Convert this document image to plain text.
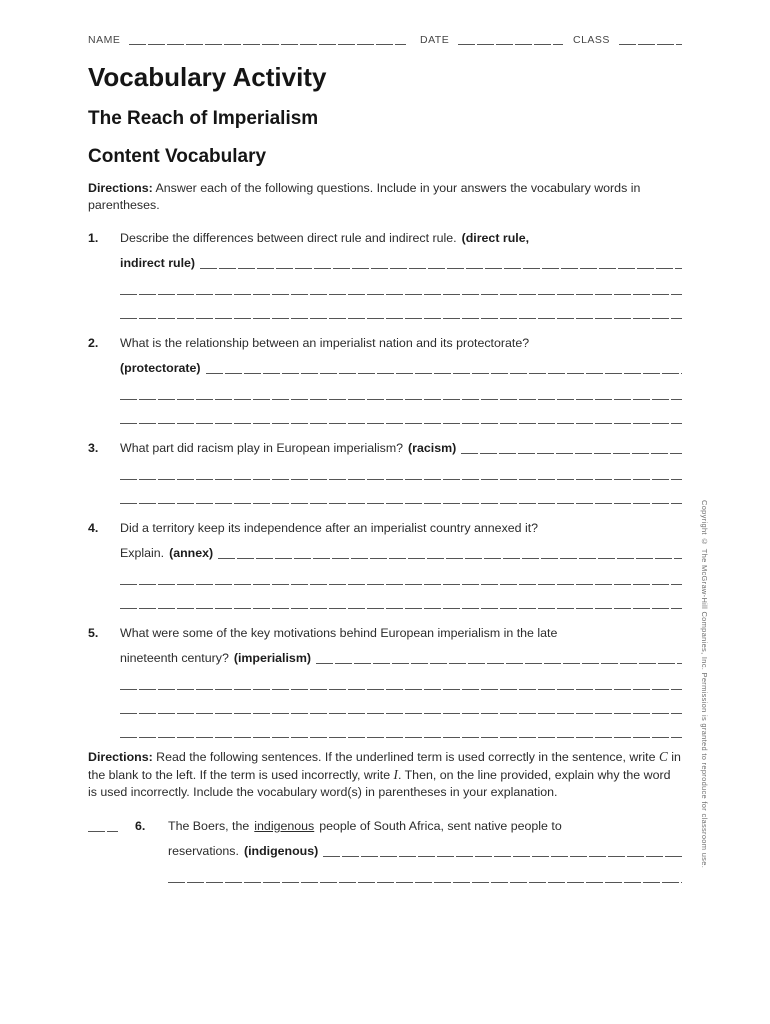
NAME	DATE	CLASS
Vocabulary Activity
The Reach of Imperialism
Content Vocabulary

Directions: Answer each of the following questions. Include in your answers the vocabulary words in parentheses.

1.	Describe the differences between direct rule and indirect rule. (direct rule,
indirect rule)
2.	What is the relationship between an imperialist nation and its protectorate?
(protectorate)
3.	What part did racism play in European imperialism? (racism)
4.	Did a territory keep its independence after an imperialist country annexed it?
Explain. (annex)
5.	What were some of the key motivations behind European imperialism in the late
nineteenth century? (imperialism)

Directions: Read the following sentences. If the underlined term is used correctly in the sentence, write C in the blank to the left. If the term is used incorrectly, write I. Then, on the line provided, explain why the word is used incorrectly. Include the vocabulary word(s) in parentheses in your explanation.

6.	The Boers, the indigenous people of South Africa, sent native people to
reservations. (indigenous)	Copyright © The McGraw-Hill Companies, Inc. Permission is granted to reproduce for classroom use.
